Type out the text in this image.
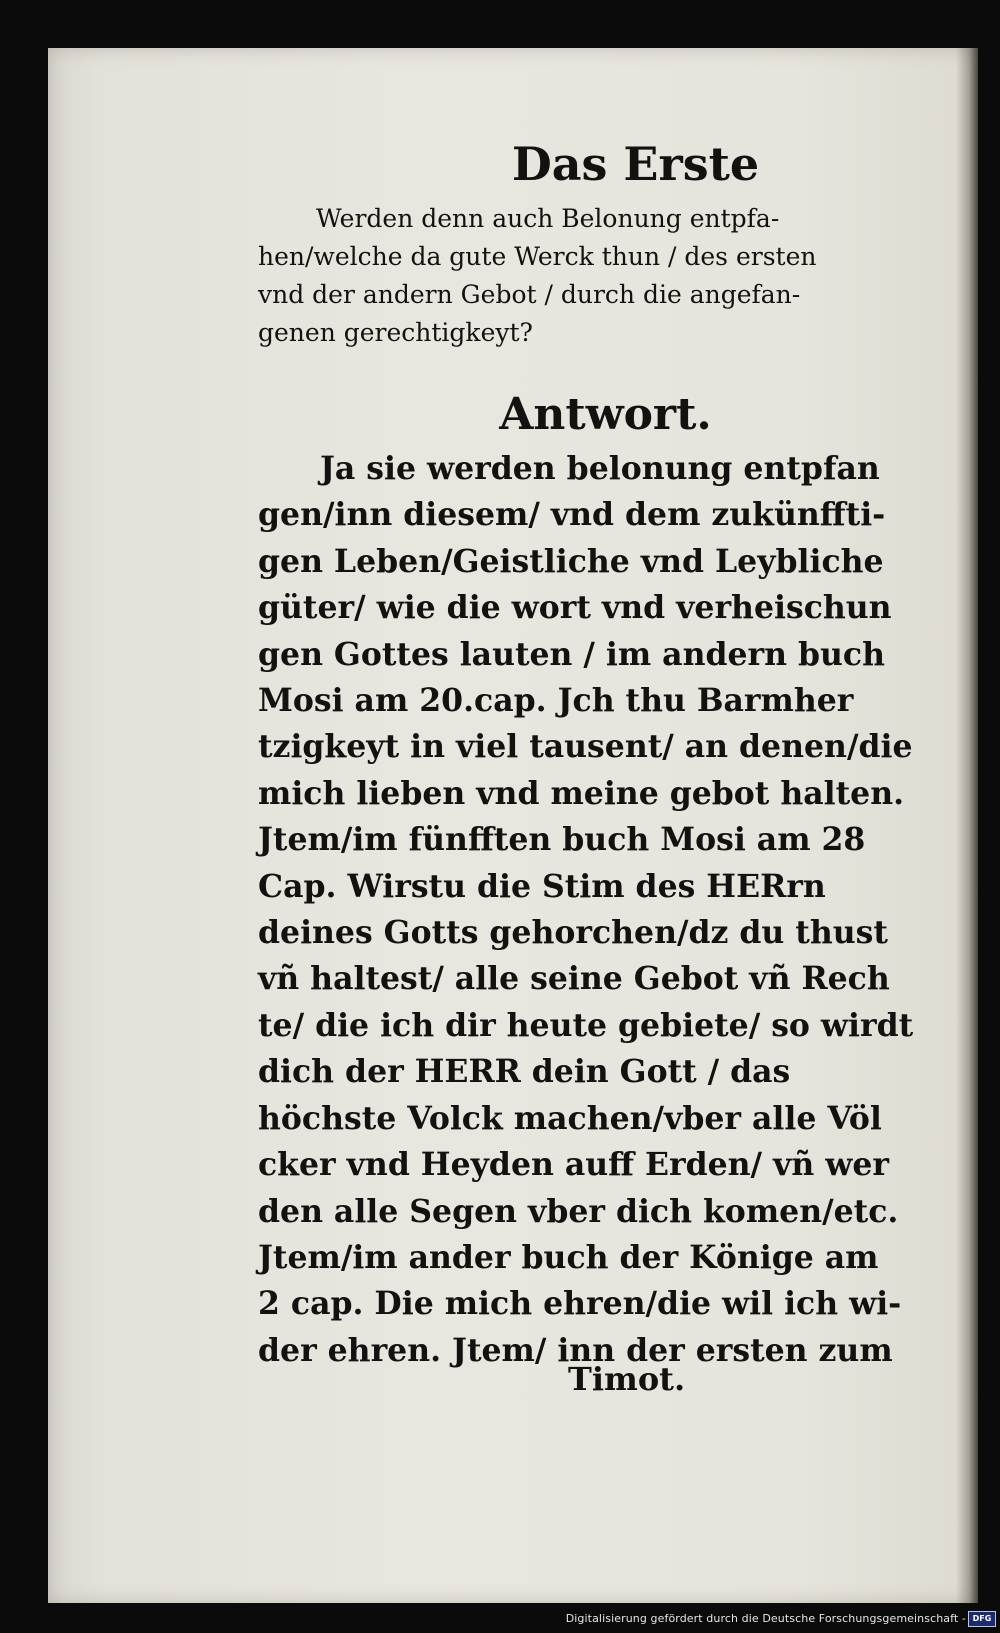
Das Erste
Werden denn auch Belonung entpfa-
hen/welche da gute Werck thun / des ersten
vnd der andern Gebot / durch die angefan-
genen gerechtigkeyt?
Antwort.
Ja sie werden belonung entpfan
gen/inn diesem/ vnd dem zukünffti-
gen Leben/Geistliche vnd Leybliche
güter/ wie die wort vnd verheischun
gen Gottes lauten / im andern buch
Mosi am 20.cap. Jch thu Barmher
tzigkeyt in viel tausent/ an denen/die
mich lieben vnd meine gebot halten.
Jtem/im fünfften buch Mosi am 28
Cap. Wirstu die Stim des HERrn
deines Gotts gehorchen/dz du thust
vñ haltest/ alle seine Gebot vñ Rech
te/ die ich dir heute gebiete/ so wirdt
dich der HERR dein Gott / das
höchste Volck machen/vber alle Völ
cker vnd Heyden auff Erden/ vñ wer
den alle Segen vber dich komen/etc.
Jtem/im ander buch der Könige am
2 cap. Die mich ehren/die wil ich wi-
der ehren. Jtem/ inn der ersten zum
Timot.
Digitalisierung gefördert durch die Deutsche Forschungsgemeinschaft - DFG
